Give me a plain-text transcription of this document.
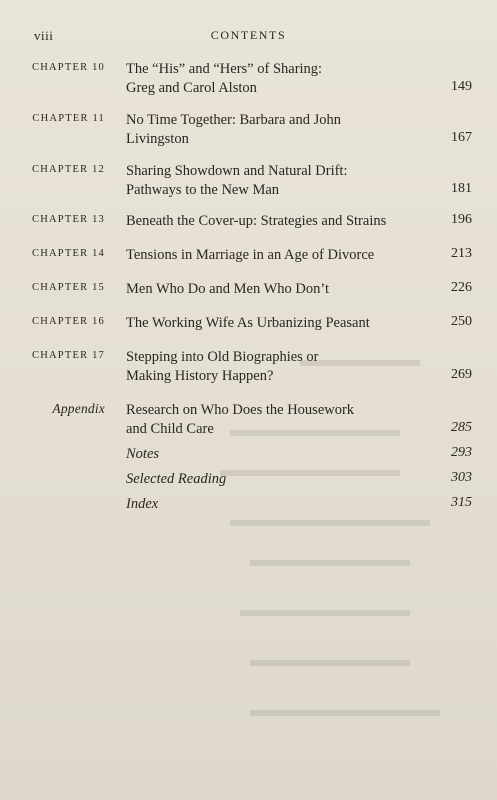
viii	CONTENTS
CHAPTER 10 The “His” and “Hers” of Sharing:
Greg and Carol Alston	149
CHAPTER 11 No Time Together: Barbara and John
Livingston	167
CHAPTER 12 Sharing Showdown and Natural Drift:
Pathways to the New Man	181
CHAPTER 13 Beneath the Cover-up: Strategies and Strains	196
CHAPTER 14 Tensions in Marriage in an Age of Divorce	213
CHAPTER 15 Men Who Do and Men Who Don’t	226
CHAPTER 16 The Working Wife As Urbanizing Peasant	250
CHAPTER 17 Stepping into Old Biographies or
Making History Happen?	269
Appendix Research on Who Does the Housework
and Child Care	285
Notes	293
Selected Reading	303
Index	315
